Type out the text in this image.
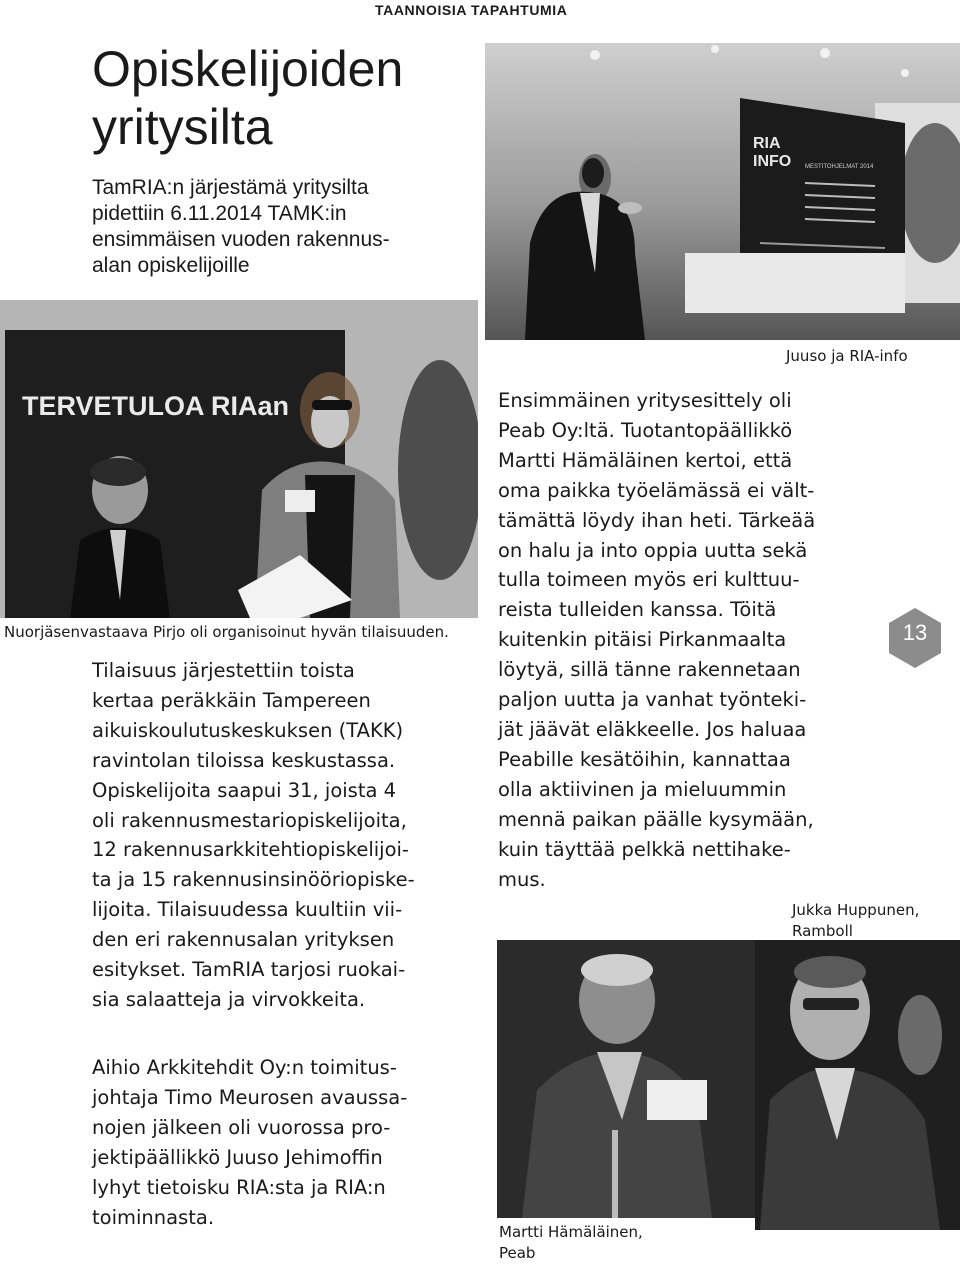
TAANNOISIA TAPAHTUMIA
Opiskelijoiden
yritysilta
TamRIA:n järjestämä yritysilta
pidettiin 6.11.2014 TAMK:in
ensimmäisen vuoden rakennus-
alan opiskelijoille
RIA
INFO MESTITOHJELMAT 2014
Juuso ja RIA-info
TERVETULOA RIAan
Nuorjäsenvastaava Pirjo oli organisoinut hyvän tilaisuuden.
Tilaisuus järjestettiin toista
kertaa peräkkäin Tampereen
aikuiskoulutuskeskuksen (TAKK)
ravintolan tiloissa keskustassa.
Opiskelijoita saapui 31, joista 4
oli rakennusmestariopiskelijoita,
12 rakennusarkkitehtiopiskelijoi-
ta ja 15 rakennusinsinööriopiske-
lijoita. Tilaisuudessa kuultiin vii-
den eri rakennusalan yrityksen
esitykset. TamRIA tarjosi ruokai-
sia salaatteja ja virvokkeita.
Aihio Arkkitehdit Oy:n toimitus-
johtaja Timo Meurosen avaussa-
nojen jälkeen oli vuorossa pro-
jektipäällikkö Juuso Jehimoffin
lyhyt tietoisku RIA:sta ja RIA:n
toiminnasta.
Ensimmäinen yritysesittely oli
Peab Oy:ltä. Tuotantopäällikkö
Martti Hämäläinen kertoi, että
oma paikka työelämässä ei vält-
tämättä löydy ihan heti. Tärkeää
on halu ja into oppia uutta sekä
tulla toimeen myös eri kulttuu-
reista tulleiden kanssa. Töitä
kuitenkin pitäisi Pirkanmaalta
löytyä, sillä tänne rakennetaan
paljon uutta ja vanhat työnteki-
jät jäävät eläkkeelle. Jos haluaa
Peabille kesätöihin, kannattaa
olla aktiivinen ja mieluummin
mennä paikan päälle kysymään,
kuin täyttää pelkkä nettihake-
mus.
13
Jukka Huppunen,
Ramboll
Martti Hämäläinen,
Peab
